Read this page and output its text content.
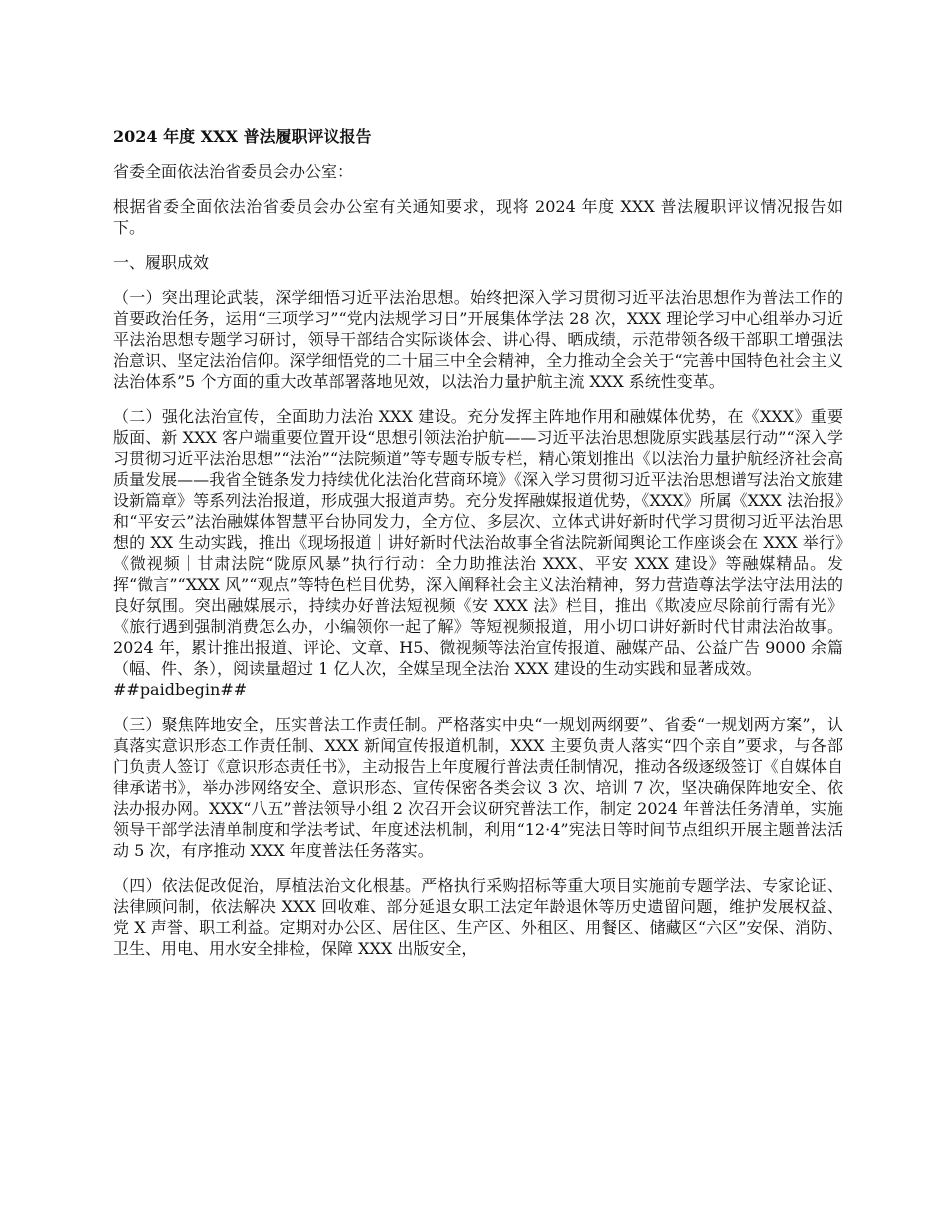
2024 年度 XXX 普法履职评议报告

省委全面依法治省委员会办公室：

根据省委全面依法治省委员会办公室有关通知要求，现将 2024 年度 XXX 普法履职评议情况报告如下。

一、履职成效

（一）突出理论武装，深学细悟习近平法治思想。始终把深入学习贯彻习近平法治思想作为普法工作的首要政治任务，运用“三项学习”“党内法规学习日”开展集体学法 28 次，XXX 理论学习中心组举办习近平法治思想专题学习研讨，领导干部结合实际谈体会、讲心得、晒成绩，示范带领各级干部职工增强法治意识、坚定法治信仰。深学细悟党的二十届三中全会精神，全力推动全会关于“完善中国特色社会主义法治体系”5 个方面的重大改革部署落地见效，以法治力量护航主流 XXX 系统性变革。

（二）强化法治宣传，全面助力法治 XXX 建设。充分发挥主阵地作用和融媒体优势，在《XXX》重要版面、新 XXX 客户端重要位置开设“思想引领法治护航——习近平法治思想陇原实践基层行动”“深入学习贯彻习近平法治思想”“法治”“法院频道”等专题专版专栏，精心策划推出《以法治力量护航经济社会高质量发展——我省全链条发力持续优化法治化营商环境》《深入学习贯彻习近平法治思想谱写法治文旅建设新篇章》等系列法治报道，形成强大报道声势。充分发挥融媒报道优势，《XXX》所属《XXX 法治报》和“平安云”法治融媒体智慧平台协同发力，全方位、多层次、立体式讲好新时代学习贯彻习近平法治思想的 XX 生动实践，推出《现场报道｜讲好新时代法治故事全省法院新闻舆论工作座谈会在 XXX 举行》《微视频｜甘肃法院“陇原风暴”执行行动：全力助推法治 XXX、平安 XXX 建设》等融媒精品。发挥“微言”“XXX 风”“观点”等特色栏目优势，深入阐释社会主义法治精神，努力营造尊法学法守法用法的良好氛围。突出融媒展示，持续办好普法短视频《安 XXX 法》栏目，推出《欺凌应尽除前行需有光》《旅行遇到强制消费怎么办，小编领你一起了解》等短视频报道，用小切口讲好新时代甘肃法治故事。2024 年，累计推出报道、评论、文章、H5、微视频等法治宣传报道、融媒产品、公益广告 9000 余篇（幅、件、条），阅读量超过 1 亿人次，全媒呈现全法治 XXX 建设的生动实践和显著成效。

##paidbegin##

（三）聚焦阵地安全，压实普法工作责任制。严格落实中央“一规划两纲要”、省委“一规划两方案”，认真落实意识形态工作责任制、XXX 新闻宣传报道机制，XXX 主要负责人落实“四个亲自”要求，与各部门负责人签订《意识形态责任书》，主动报告上年度履行普法责任制情况，推动各级逐级签订《自媒体自律承诺书》，举办涉网络安全、意识形态、宣传保密各类会议 3 次、培训 7 次，坚决确保阵地安全、依法办报办网。XXX“八五”普法领导小组 2 次召开会议研究普法工作，制定 2024 年普法任务清单，实施领导干部学法清单制度和学法考试、年度述法机制，利用“12·4”宪法日等时间节点组织开展主题普法活动 5 次，有序推动 XXX 年度普法任务落实。

（四）依法促改促治，厚植法治文化根基。严格执行采购招标等重大项目实施前专题学法、专家论证、法律顾问制，依法解决 XXX 回收难、部分延退女职工法定年龄退休等历史遗留问题，维护发展权益、党 X 声誉、职工利益。定期对办公区、居住区、生产区、外租区、用餐区、储藏区“六区”安保、消防、卫生、用电、用水安全排检，保障 XXX 出版安全，
